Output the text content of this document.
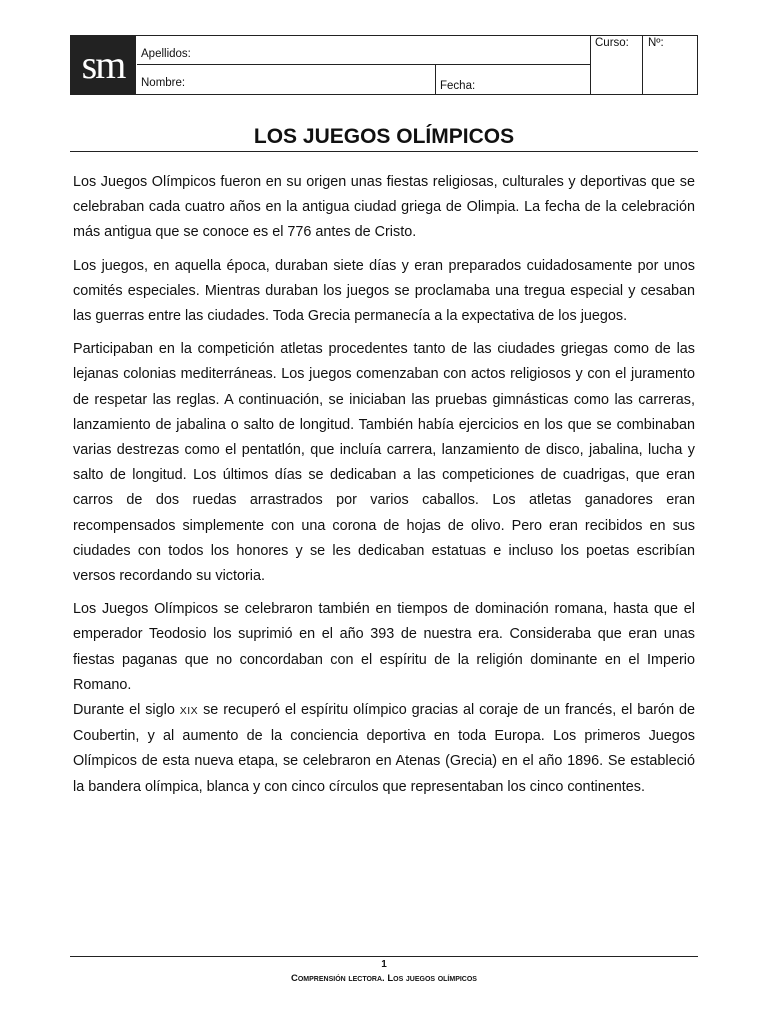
sm	Apellidos:
Nombre:	Fecha:
Curso:	Nº:
LOS JUEGOS OLÍMPICOS

Los Juegos Olímpicos fueron en su origen unas fiestas religiosas, culturales y deportivas que se celebraban cada cuatro años en la antigua ciudad griega de Olimpia. La fecha de la celebración más antigua que se conoce es el 776 antes de Cristo.

Los juegos, en aquella época, duraban siete días y eran preparados cuidadosamente por unos comités especiales. Mientras duraban los juegos se proclamaba una tregua especial y cesaban las guerras entre las ciudades. Toda Grecia permanecía a la expectativa de los juegos.

Participaban en la competición atletas procedentes tanto de las ciudades griegas como de las lejanas colonias mediterráneas. Los juegos comenzaban con actos religiosos y con el juramento de respetar las reglas. A continuación, se iniciaban las pruebas gimnásticas como las carreras, lanzamiento de jabalina o salto de longitud. También había ejercicios en los que se combinaban varias destrezas como el pentatlón, que incluía carrera, lanzamiento de disco, jabalina, lucha y salto de longitud. Los últimos días se dedicaban a las competiciones de cuadrigas, que eran carros de dos ruedas arrastrados por varios caballos. Los atletas ganadores eran recompensados simplemente con una corona de hojas de olivo. Pero eran recibidos en sus ciudades con todos los honores y se les dedicaban estatuas e incluso los poetas escribían versos recordando su victoria.

Los Juegos Olímpicos se celebraron también en tiempos de dominación romana, hasta que el emperador Teodosio los suprimió en el año 393 de nuestra era. Consideraba que eran unas fiestas paganas que no concordaban con el espíritu de la religión dominante en el Imperio Romano.

Durante el siglo XIX se recuperó el espíritu olímpico gracias al coraje de un francés, el barón de Coubertin, y al aumento de la conciencia deportiva en toda Europa. Los primeros Juegos Olímpicos de esta nueva etapa, se celebraron en Atenas (Grecia) en el año 1896. Se estableció la bandera olímpica, blanca y con cinco círculos que representaban los cinco continentes.

1
Comprensión lectora. Los juegos olímpicos
